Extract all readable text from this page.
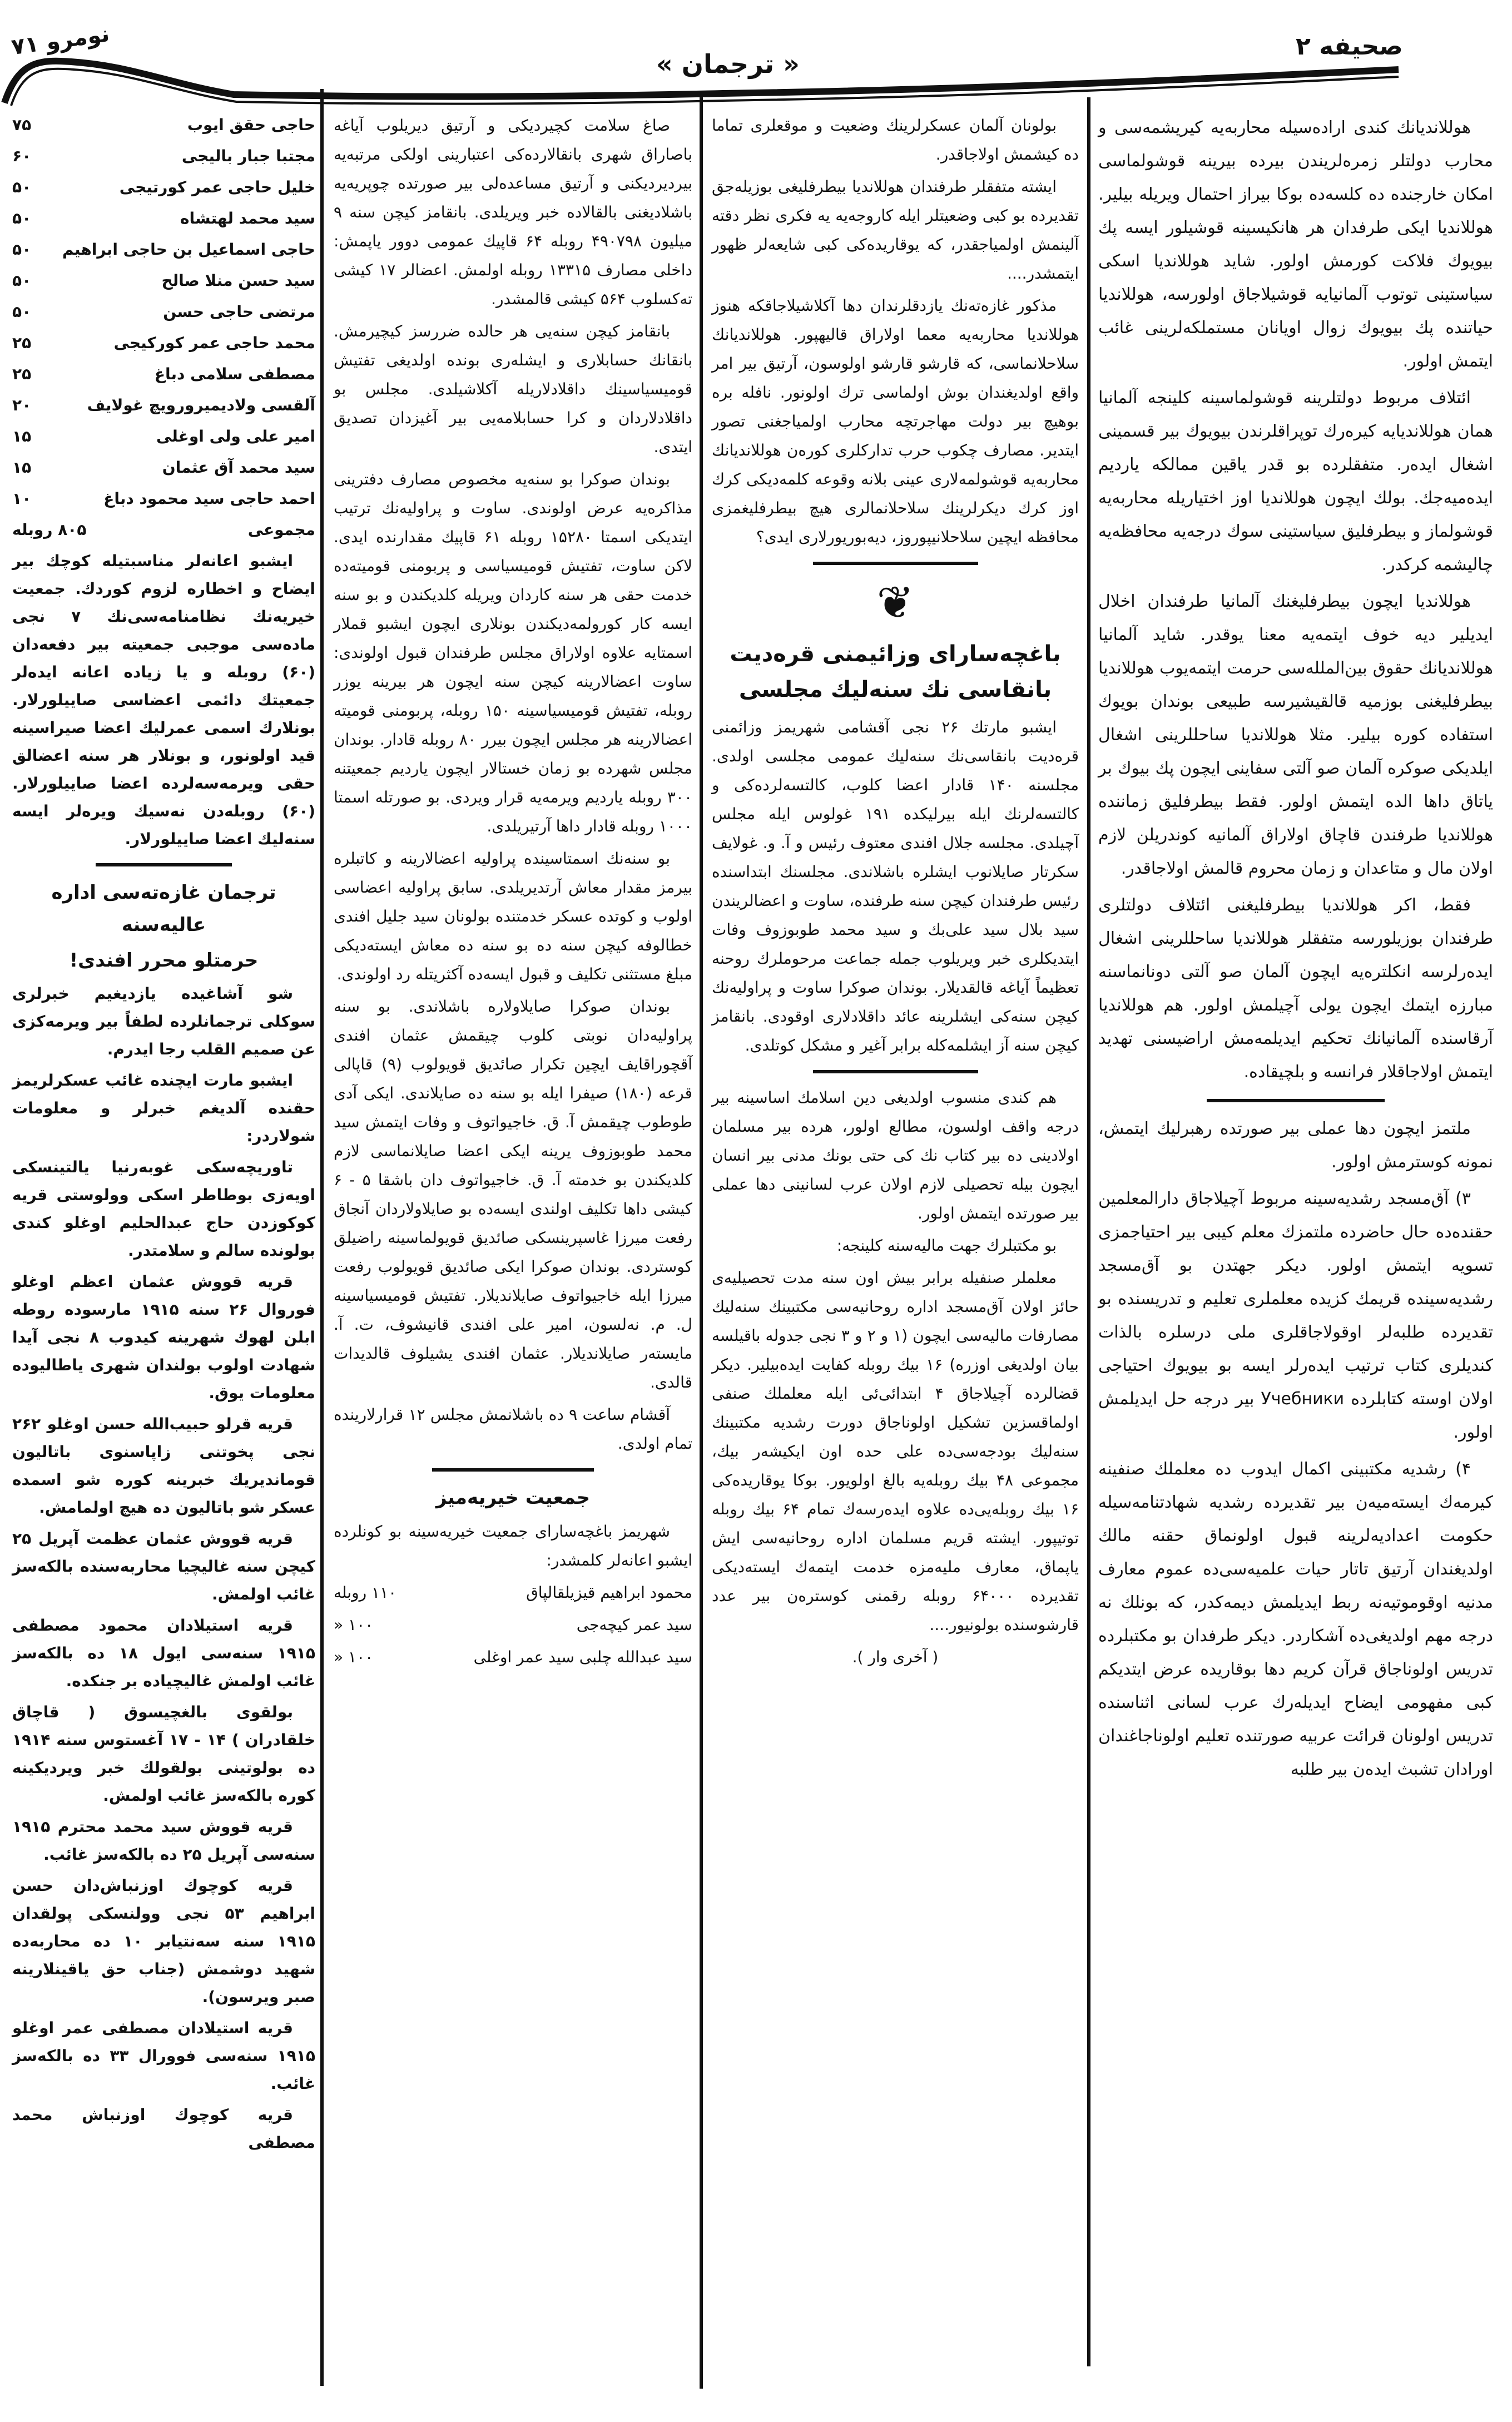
صحیفه ۲
« ترجمان »
نومرو ۷۱

هوللاندیانك كندی اراده‌سیله محاربه‌یه كیریشمه‌سی و محارب دولتلر زمره‌لریندن بیرده بیرینه قوشولماسی امكان خارجنده ده كلسه‌ده بوكا بیراز احتمال ویریله بیلیر. هوللاندیا ایكی طرفدان هر هانكیسینه قوشیلور ایسه پك بیویوك فلاكت كورمش اولور. شاید هوللاندیا اسكی سیاستینی توتوب آلمانیایه قوشیلاجاق اولورسه، هوللاندیا حیاتنده پك بیویوك زوال اویانان مستملكه‌لرینی غائب ایتمش اولور.

ائتلاف مربوط دولتلرینه قوشولماسینه كلینجه آلمانیا همان هوللاندیایه كیره‌رك توپراقلرندن بیویوك بیر قسمینی اشغال ایده‌ر. متفقلرده بو قدر یاقین ممالكه یاردیم ایده‌میه‌جك. بولك ایچون هوللاندیا اوز اختیاریله محاربه‌یه قوشولماز و بیطرفلیق سیاستینی سوك درجه‌یه محافظه‌یه چالیشمه كركدر.

هوللاندیا ایچون بیطرفلیغنك آلمانیا طرفندان اخلال ایدیلیر دیه خوف ایتمه‌یه معنا یوقدر. شاید آلمانیا هوللاندیانك حقوق بین‌الملله‌سی حرمت ایتمه‌یوب هوللاندیا بیطرفلیغنی بوزمیه قالقیشیرسه طبیعی بوندان بویوك استفاده كوره بیلیر. مثلا هوللاندیا ساحللرینی اشغال ایلدیكی صوكره آلمان صو آلتی سفاینی ایچون پك بیوك بر یاتاق داها الده ایتمش اولور. فقط بیطرفلیق زماننده هوللاندیا طرفندن قاچاق اولاراق آلمانیه كوندریلن لازم اولان مال و متاعدان و زمان محروم قالمش اولاجاقدر.

فقط، اكر هوللاندیا بیطرفلیغنی ائتلاف دولتلری طرفندان بوزیلورسه متفقلر هوللاندیا ساحللرینی اشغال ایده‌رلرسه انكلتره‌یه ایچون آلمان صو آلتی دونانماسنه مبارزه ایتمك ایچون یولی آچیلمش اولور. هم هوللاندیا آرقاسنده آلمانیانك تحكیم ایدیلمه‌مش اراضیسنی تهدید ایتمش اولاجاقلار فرانسه و بلچیقاده.

ملتمز ایچون دها عملی بیر صورتده رهبرلیك ایتمش، نمونه كوسترمش اولور.

۳) آق‌مسجد رشدیه‌سینه مربوط آچیلاجاق دارالمعلمین حقنده‌ده حال حاضرده ملتمزك معلم كیبی بیر احتیاجمزی تسویه ایتمش اولور. دیكر جهتدن بو آق‌مسجد رشدیه‌سینده قریمك كزیده معلملری تعلیم و تدریسنده بو تقدیرده طلبه‌لر اوقولاجاقلری ملی درسلره بالذات كندیلری كتاب ترتیب ایده‌رلر ایسه بو بیویوك احتیاجی اولان اوسته كتابلرده Учебники بیر درجه حل ایدیلمش اولور.

۴) رشدیه مكتبینی اكمال ایدوب ده معلملك صنفینه كیرمه‌ك ایسته‌میه‌ن بیر تقدیرده رشدیه شهادتنامه‌سیله حكومت اعدادیه‌لرینه قبول اولونماق حقنه مالك اولدیغندان آرتیق تاتار حیات علمیه‌سی‌ده عموم معارف مدنیه اوقوموتیه‌نه ربط ایدیلمش دیمه‌كدر، كه بونلك نه درجه مهم اولدیغی‌ده آشكاردر. دیكر طرفدان بو مكتبلرده تدریس اولوناجاق قرآن كریم دها بوقاریده عرض ایتدیكم كبی مفهومی ایضاح ایدیله‌رك عرب لسانی اثناسنده تدریس اولونان قرائت عربیه صورتنده تعلیم اولوناجاغندان اورادان تشبث ایده‌ن بیر طلبه

بولونان آلمان عسكرلرینك وضعیت و موقعلری تماما ده كیشمش اولاجاقدر.

ایشته متفقلر طرفندان هوللاندیا بیطرفلیغی بوزیله‌جق تقدیرده بو كبی وضعیتلر ایله كاروجه‌یه یه فكری نظر دقته آلینمش اولمیاجقدر، كه یوقاریده‌كی كبی شایعه‌لر ظهور ایتمشدر....

مذكور غازه‌ته‌نك یازدقلرندان دها آكلاشیلاجاقكه هنوز هوللاندیا محاربه‌یه معما اولاراق قالیهپور. هوللاندیانك سلاحلانماسی، كه قارشو قارشو اولوسون، آرتیق بیر امر واقع اولدیغندان بوش اولماسی ترك اولونور. نافله بره بوهیچ بیر دولت مهاجرتچه محارب اولمیاجغنی تصور ایتدیر. مصارف چكوب حرب تداركلری كوره‌ن هوللاندیانك محاربه‌یه قوشولمه‌لاری عینی بلانه وقوعه كلمه‌دیكی كرك اوز كرك دیكرلرینك سلاحلانمالری هیچ بیطرفلیغمزی محافظه ایچین سلاحلانیپوروز، دیه‌بوریورلاری ایدی؟

❦

باغچه‌سارای وزائیمنی قره‌دیت بانقاسی نك سنه‌لیك مجلسی

ایشبو مارتك ۲۶ نجی آقشامی شهریمز وزائمنی قره‌دیت بانقاسی‌نك سنه‌لیك عمومی مجلسی اولدی. مجلسنه ۱۴۰ قادار اعضا كلوب، كالتسه‌لرده‌كی و كالتسه‌لرنك ایله بیرلیكده ۱۹۱ غولوس ایله مجلس آچیلدی. مجلسه جلال افندی معتوف رئیس و آ. و. غولایف سكرتار صایلانوب ایشلره باشلاندی. مجلسنك ابتداسنده رئیس طرفندان كیچن سنه طرفنده، ساوت و اعضالریندن سید بلال سید علی‌بك و سید محمد طوبوزوف وفات ایتدیكلری خبر ویریلوب جمله جماعت مرحوملرك روحنه تعظیماً آیاغه قالقدیلار. بوندان صوكرا ساوت و پراولیه‌نك كیچن سنه‌كی ایشلرینه عائد داقلادلاری اوقودی. بانقامز كیچن سنه آز ایشلمه‌كله برابر آغیر و مشكل كوتلدی.

هم كندی منسوب اولدیغی دین اسلامك اساسینه بیر درجه واقف اولسون، مطالع اولور، هرده بیر مسلمان اولادینی ده بیر كتاب نك كی حتی بونك مدنی بیر انسان ایچون بیله تحصیلی لازم اولان عرب لسانینی دها عملی بیر صورتده ایتمش اولور.

بو مكتبلرك جهت مالیه‌سنه كلینجه:

معلملر صنفیله برابر بیش اون سنه مدت تحصیلیه‌ی حائز اولان آق‌مسجد اداره روحانیه‌سی مكتبینك سنه‌لیك مصارفات مالیه‌سی ایچون (۱ و ۲ و ۳ نجی جدوله باقیلسه بیان اولدیغی اوزره) ۱۶ بیك روبله كفایت ایده‌بیلیر. دیكر قضالرده آچیلاجاق ۴ ابتدائی‌ئی ایله معلملك صنفی اولماقسزین تشكیل اولوناجاق دورت رشدیه مكتبینك سنه‌لیك بودجه‌سی‌ده علی حده اون ایكیشه‌ر بیك، مجموعی ۴۸ بیك روبله‌یه بالغ اولویور. بوكا یوقاریده‌كی ۱۶ بیك روبله‌یی‌ده علاوه ایده‌رسه‌ك تمام ۶۴ بیك روبله توتیپور. ایشته قریم مسلمان اداره روحانیه‌سی ایش یاپماق، معارف ملیه‌مزه خدمت ایتمه‌ك ایسته‌دیكی تقدیرده ۶۴۰۰۰ روبله رقمنی كوستره‌ن بیر عدد قارشوسنده بولونیور....

( آخری وار ).

صاغ سلامت كچیردیكی و آرتیق دیریلوب آیاغه باصاراق شهری بانقالارده‌كی اعتبارینی اولكی مرتبه‌یه بیردیردیكنی و آرتیق مساعده‌لی بیر صورتده چوپریه‌یه باشلادیغنی بالقالاده خبر ویریلدی. بانقامز كیچن سنه ۹ میلیون ۴۹۰۷۹۸ روبله ۶۴ قاپیك عمومی دوور یاپمش: داخلی مصارف ۱۳۳۱۵ روبله اولمش. اعضالر ۱۷ كیشی ته‌كسلوب ۵۶۴ كیشی قالمشدر.

بانقامز كیچن سنه‌یی هر حالده ضررسز كیچیرمش. بانقانك حسابلاری و ایشله‌ری بونده اولدیغی تفتیش قومیسیاسینك داقلادلاریله آكلاشیلدی. مجلس بو داقلادلاردان و كرا حسابلامه‌یی بیر آغیزدان تصدیق ایتدی.

بوندان صوكرا بو سنه‌یه مخصوص مصارف دفترینی مذاكره‌یه عرض اولوندی. ساوت و پراولیه‌نك ترتیب ایتدیكی اسمتا ۱۵۲۸۰ روبله ۶۱ قاپیك مقدارنده ایدی. لاكن ساوت، تفتیش قومیسیاسی و پربومنی قومیته‌ده خدمت حقی هر سنه كاردان ویریله كلدیكندن و بو سنه ایسه كار كورولمه‌دیكندن بونلاری ایچون ایشبو قملار اسمتایه علاوه اولاراق مجلس طرفندان قبول اولوندی: ساوت اعضالارینه كیچن سنه ایچون هر بیرینه یوزر روبله، تفتیش قومیسیاسینه ۱۵۰ روبله، پربومنی قومیته اعضالارینه هر مجلس ایچون بیرر ۸۰ روبله قادار. بوندان مجلس شهرده بو زمان خستالار ایچون یاردیم جمعیتنه ۳۰۰ روبله یاردیم ویرمه‌یه قرار ویردی. بو صورتله اسمتا ۱۰۰۰ روبله قادار داها آرتیریلدی.

بو سنه‌نك اسمتاسینده پراولیه اعضالارینه و كاتبلره بیرمز مقدار معاش آرتدیریلدی. سابق پراولیه اعضاسی اولوب و كوتده عسكر خدمتنده بولونان سید جلیل افندی خطالوفه كیچن سنه ده بو سنه ده معاش ایسته‌دیكی مبلغ مستثنی تكلیف و قبول ایسه‌ده آكثریتله رد اولوندی.

بوندان صوكرا صایلاولاره باشلاندی. بو سنه پراولیه‌دان نوبتی كلوب چیقمش عثمان افندی آقچوراقایف ایچین تكرار صائدیق قویولوب (۹) قاپالی قرعه (۱۸۰) صیفرا ایله بو سنه ده صایلاندی. ایكی آدی طوطوب چیقمش آ. ق. خاجیواتوف و وفات ایتمش سید محمد طوبوزوف یرینه ایكی اعضا صایلانماسی لازم كلدیكندن بو خدمته آ. ق. خاجیواتوف دان باشقا ۵ - ۶ كیشی داها تكلیف اولندی ایسه‌ده بو صایلاولاردان آنجاق رفعت میرزا غاسپرینسكی صائدیق قویولماسینه راضیلق كوستردی. بوندان صوكرا ایكی صائدیق قویولوب رفعت میرزا ایله خاجیواتوف صایلاندیلار. تفتیش قومیسیاسینه ل. م. نه‌لسون، امیر علی افندی قانیشوف، ت. آ. مایسته‌ر صایلاندیلار. عثمان افندی یشیلوف قالدیدات قالدی.

آقشام ساعت ۹ ده باشلانمش مجلس ۱۲ قرارلارینده تمام اولدی.

جمعیت خیریه‌میز

شهریمز باغچه‌سارای جمعیت خیریه‌سینه بو كونلرده ایشبو اعانه‌لر كلمشدر:

محمود ابراهیم قیزیلقالپاق
۱۱۰ روبله

سید عمر كیچه‌جی
۱۰۰ «

سید عبدالله چلبی سید عمر اوغلی
۱۰۰ «

حاجی حقق ایوب
۷۵

مجتبا جبار بالیجی
۶۰

خلیل حاجی عمر كورتیجی
۵۰

سید محمد لهتشاه
۵۰

حاجی اسماعیل بن حاجی ابراهیم
۵۰

سید حسن منلا صالح
۵۰

مرتضی حاجی حسن
۵۰

محمد حاجی عمر كوركیجی
۲۵

مصطفی سلامی دباغ
۲۵

آلقسی ولادیمیرورویچ غولایف
۲۰

امیر علی ولی اوغلی
۱۵

سید محمد آق عثمان
۱۵

احمد حاجی سید محمود دباغ
۱۰

مجموعی
۸۰۵ روبله

ایشبو اعانه‌لر مناسبتیله كوچك بیر ایضاح و اخطاره لزوم كوردك. جمعیت خیریه‌نك نظامنامه‌سی‌نك ۷ نجی ماده‌سی موجبی جمعیته بیر دفعه‌دان (۶۰) روبله و یا زیاده اعانه ایده‌لر جمعیتك دائمی اعضاسی صاییلورلار. بونلارك اسمی عمرلیك اعضا صیراسینه قید اولونور، و بونلار هر سنه اعضالق حقی ویرمه‌سه‌لرده اعضا صاییلورلار. (۶۰) روبله‌دن نه‌سیك ویره‌لر ایسه سنه‌لیك اعضا صاییلورلار.

ترجمان غازه‌ته‌سی اداره عالیه‌سنه

حرمتلو محرر افندی!

شو آشاغیده یازدیغیم خبرلری سوكلی ترجمانلرده لطفاً بیر ویرمه‌كزی عن صمیم القلب رجا ایدرم.

ایشبو مارت ایچنده غائب عسكرلریمز حقنده آلدیغم خبرلر و معلومات شولاردر:

تاوریچه‌سكی غوبه‌رنیا یالتینسكی اویه‌زی بوطاطر اسكی وولوستی قریه كوكوزدن حاج عبدالحلیم اوغلو كندی بولونده سالم و سلامتدر.

قریه قووش عثمان اعظم اوغلو فوروال ۲۶ سنه ۱۹۱۵ مارسوده روطه ابلن لهوك شهرینه كیدوب ۸ نجی آیدا شهادت اولوب بولندان شهری یاطالیوده معلومات یوق.

قریه قرلو حبیب‌الله حسن اوغلو ۲۶۲ نجی پخوتنی زاپاسنوی باتالیون قوماندیریك خبرینه كوره شو اسمده عسكر شو باتالیون ده هیچ اولمامش.

قریه قووش عثمان عظمت آپریل ۲۵ كیچن سنه غالیچیا محاربه‌سنده بالكه‌سز غائب اولمش.

قریه استیلادان محمود مصطفی ۱۹۱۵ سنه‌سی ایول ۱۸ ده بالكه‌سز غائب اولمش غالیچیاده بر جنكده.

بولقوی بالغچیسوق ( قاچاق خلقادران ) ۱۴ - ۱۷ آغستوس سنه ۱۹۱۴ ده بولوتینی بولقولك خبر ویردیكینه كوره بالكه‌سز غائب اولمش.

قریه قووش سید محمد محترم ۱۹۱۵ سنه‌سی آپریل ۲۵ ده بالكه‌سز غائب.

قریه كوچوك اوزنباش‌دان حسن ابراهیم ۵۳ نجی وولنسكی پولقدان ۱۹۱۵ سنه سه‌نتیابر ۱۰ ده محاربه‌ده شهید دوشمش (جناب حق یاقینلارینه صبر ویرسون).

قریه استیلادان مصطفی عمر اوغلو ۱۹۱۵ سنه‌سی فوورال ۳۳ ده بالكه‌سز غائب.

قریه كوچوك اوزنباش محمد مصطفی
